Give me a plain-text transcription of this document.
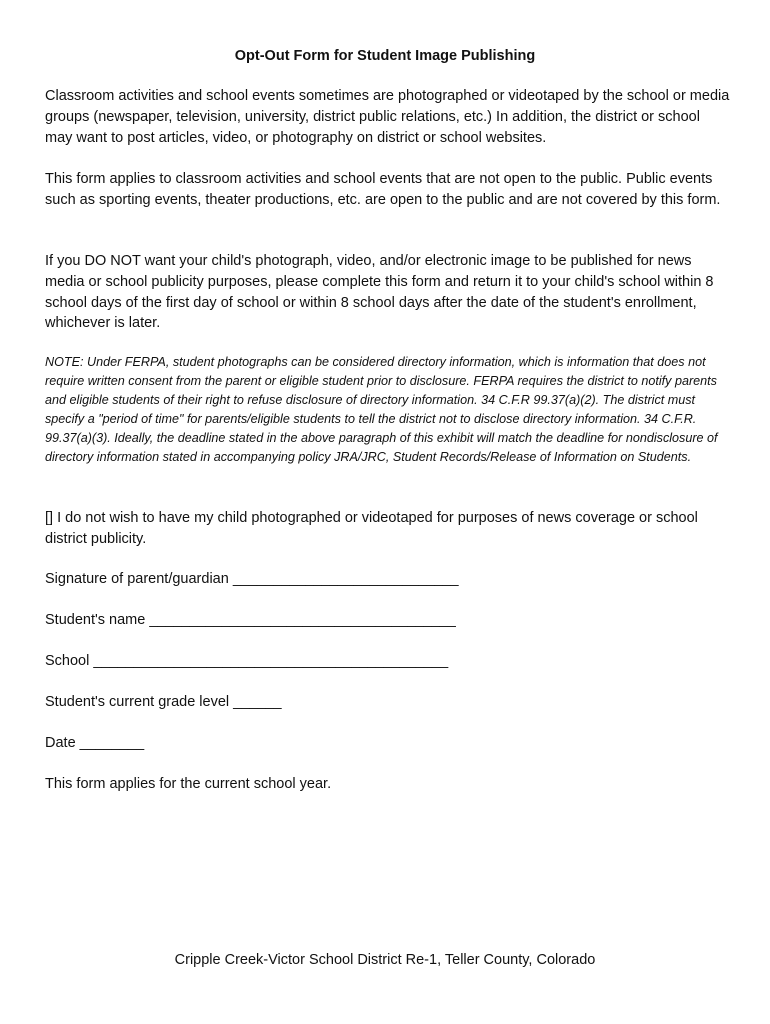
Opt-Out Form for Student Image Publishing

Classroom activities and school events sometimes are photographed or videotaped by the school or media groups (newspaper, television, university, district public relations, etc.) In addition, the district or school may want to post articles, video, or photography on district or school websites.

This form applies to classroom activities and school events that are not open to the public. Public events such as sporting events, theater productions, etc. are open to the public and are not covered by this form.

If you DO NOT want your child's photograph, video, and/or electronic image to be published for news media or school publicity purposes, please complete this form and return it to your child's school within 8 school days of the first day of school or within 8 school days after the date of the student's enrollment, whichever is later.

NOTE: Under FERPA, student photographs can be considered directory information, which is information that does not require written consent from the parent or eligible student prior to disclosure. FERPA requires the district to notify parents and eligible students of their right to refuse disclosure of directory information. 34 C.F.R 99.37(a)(2). The district must specify a "period of time" for parents/eligible students to tell the district not to disclose directory information. 34 C.F.R. 99.37(a)(3). Ideally, the deadline stated in the above paragraph of this exhibit will match the deadline for nondisclosure of directory information stated in accompanying policy JRA/JRC, Student Records/Release of Information on Students.

[] I do not wish to have my child photographed or videotaped for purposes of news coverage or school district publicity.

Signature of parent/guardian ____________________________
Student's name ______________________________________
School ____________________________________________
Student's current grade level ______
Date ________
This form applies for the current school year.
Cripple Creek-Victor School District Re-1, Teller County, Colorado
